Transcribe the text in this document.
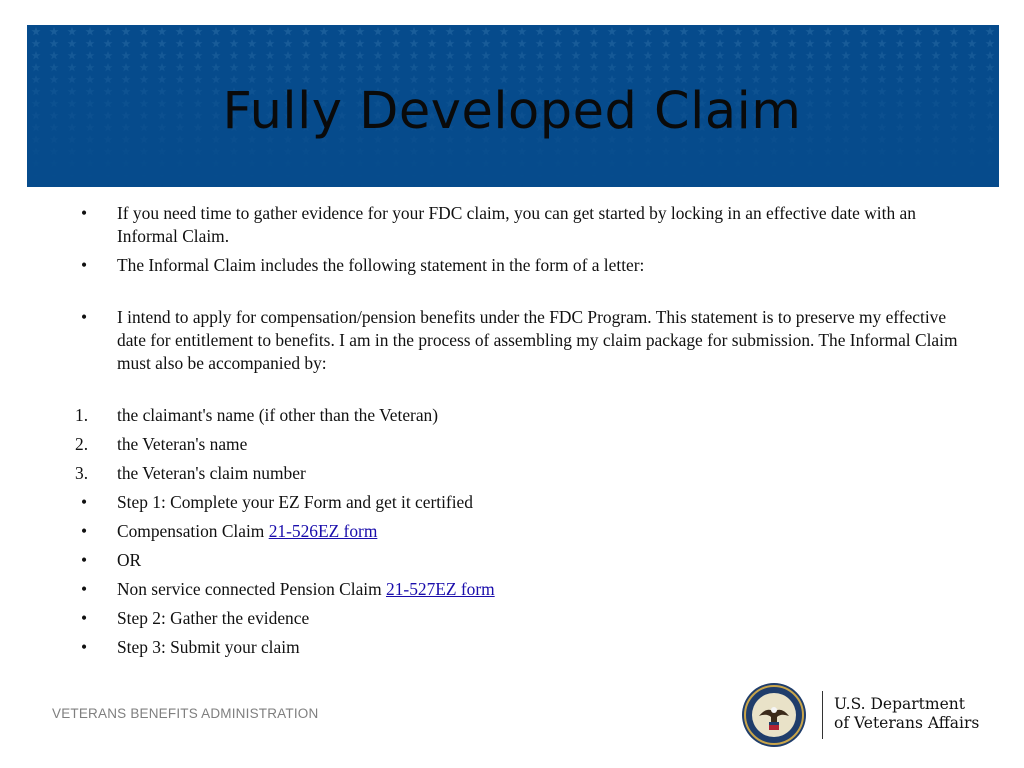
Fully Developed Claim
•	If you need time to gather evidence for your FDC claim, you can get started by locking in an effective date with an Informal Claim.
•	The Informal Claim includes the following statement in the form of a letter:
•	I intend to apply for compensation/pension benefits under the FDC Program. This statement is to preserve my effective date for entitlement to benefits. I am in the process of assembling my claim package for submission. The Informal Claim must also be accompanied by:
1.	the claimant's name (if other than the Veteran)
2.	the Veteran's name
3.	the Veteran's claim number
•	Step 1: Complete your EZ Form and get it certified
•	Compensation Claim 21-526EZ form
•	OR
•	Non service connected Pension Claim 21-527EZ form
•	Step 2: Gather the evidence
•	Step 3: Submit your claim
VETERANS BENEFITS ADMINISTRATION
U.S. Department
of Veterans Affairs
